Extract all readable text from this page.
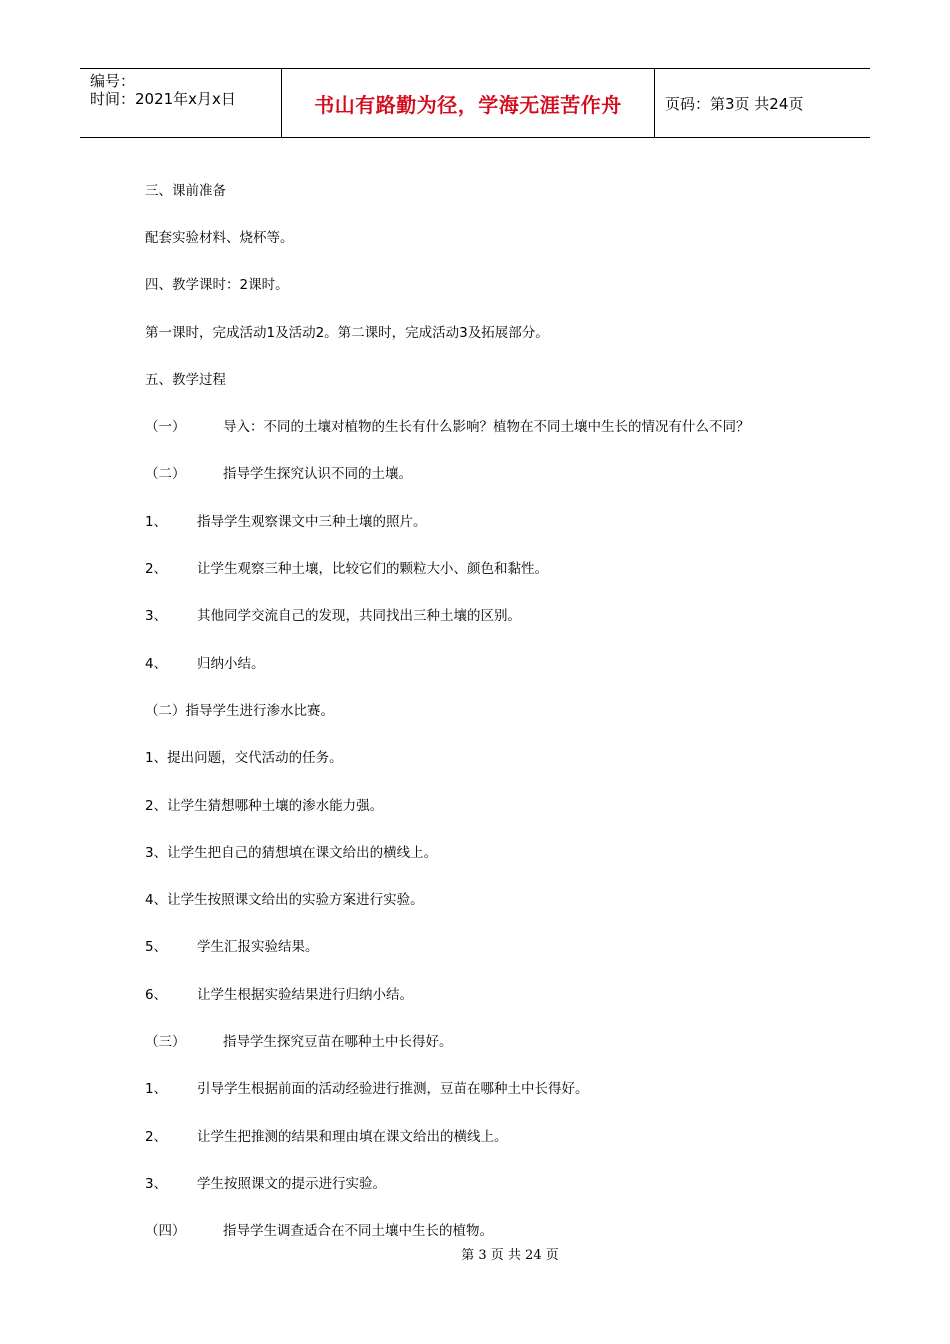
编号：
时间：2021年x月x日	书山有路勤为径，学海无涯苦作舟	页码：第3页 共24页
三、课前准备
配套实验材料、烧杯等。
四、教学课时：2课时。
第一课时，完成活动1及活动2。第二课时，完成活动3及拓展部分。
五、教学过程
（一）	导入：不同的土壤对植物的生长有什么影响？植物在不同土壤中生长的情况有什么不同？
（二）	指导学生探究认识不同的土壤。
1、	指导学生观察课文中三种土壤的照片。
2、	让学生观察三种土壤，比较它们的颗粒大小、颜色和黏性。
3、	其他同学交流自己的发现，共同找出三种土壤的区别。
4、	归纳小结。
（二）指导学生进行渗水比赛。
1、提出问题，交代活动的任务。
2、让学生猜想哪种土壤的渗水能力强。
3、让学生把自己的猜想填在课文给出的横线上。
4、让学生按照课文给出的实验方案进行实验。
5、	学生汇报实验结果。
6、	让学生根据实验结果进行归纳小结。
（三）	指导学生探究豆苗在哪种土中长得好。
1、	引导学生根据前面的活动经验进行推测，豆苗在哪种土中长得好。
2、	让学生把推测的结果和理由填在课文给出的横线上。
3、	学生按照课文的提示进行实验。
（四）	指导学生调查适合在不同土壤中生长的植物。
第 3 页 共 24 页
